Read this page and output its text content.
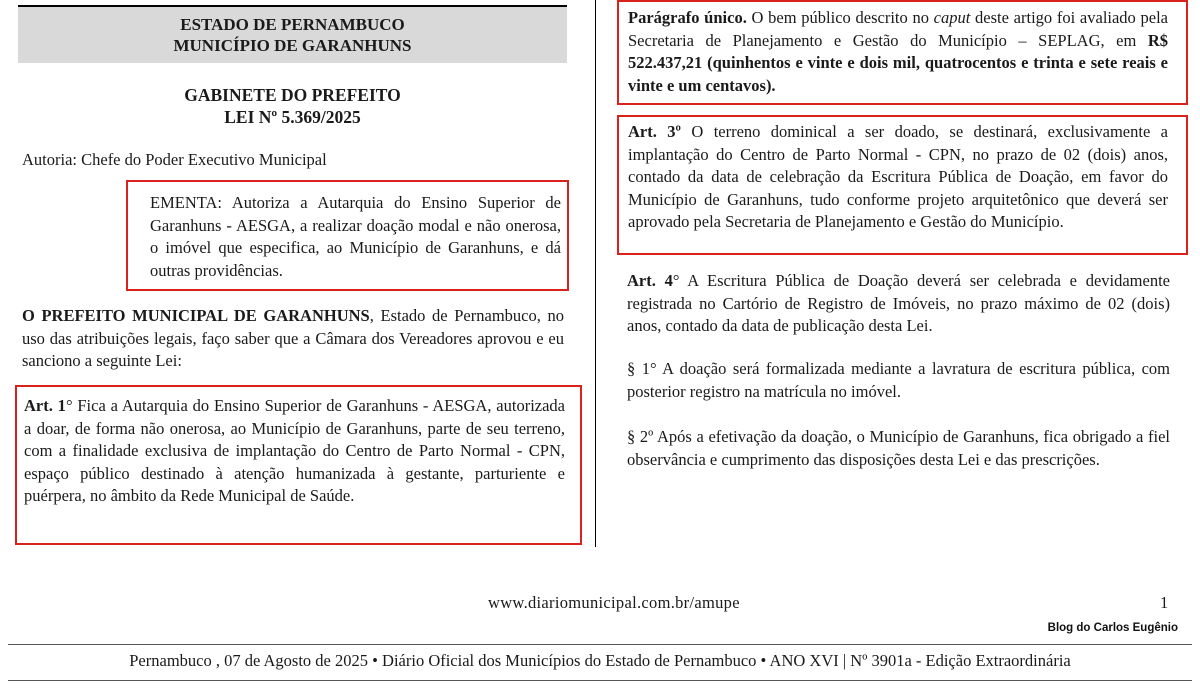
ESTADO DE PERNAMBUCO
MUNICÍPIO DE GARANHUNS
GABINETE DO PREFEITO
LEI Nº 5.369/2025

Autoria: Chefe do Poder Executivo Municipal

EMENTA: Autoriza a Autarquia do Ensino Superior de Garanhuns - AESGA, a realizar doação modal e não onerosa, o imóvel que especifica, ao Município de Garanhuns, e dá outras providências.

O PREFEITO MUNICIPAL DE GARANHUNS, Estado de Pernambuco, no uso das atribuições legais, faço saber que a Câmara dos Vereadores aprovou e eu sanciono a seguinte Lei:

Art. 1° Fica a Autarquia do Ensino Superior de Garanhuns - AESGA, autorizada a doar, de forma não onerosa, ao Município de Garanhuns, parte de seu terreno, com a finalidade exclusiva de implantação do Centro de Parto Normal - CPN, espaço público destinado à atenção humanizada à gestante, parturiente e puérpera, no âmbito da Rede Municipal de Saúde.

Parágrafo único. O bem público descrito no caput deste artigo foi avaliado pela Secretaria de Planejamento e Gestão do Município – SEPLAG, em R$ 522.437,21 (quinhentos e vinte e dois mil, quatrocentos e trinta e sete reais e vinte e um centavos).

Art. 3º O terreno dominical a ser doado, se destinará, exclusivamente a implantação do Centro de Parto Normal - CPN, no prazo de 02 (dois) anos, contado da data de celebração da Escritura Pública de Doação, em favor do Município de Garanhuns, tudo conforme projeto arquitetônico que deverá ser aprovado pela Secretaria de Planejamento e Gestão do Município.

Art. 4° A Escritura Pública de Doação deverá ser celebrada e devidamente registrada no Cartório de Registro de Imóveis, no prazo máximo de 02 (dois) anos, contado da data de publicação desta Lei.

§ 1° A doação será formalizada mediante a lavratura de escritura pública, com posterior registro na matrícula no imóvel.

§ 2º Após a efetivação da doação, o Município de Garanhuns, fica obrigado a fiel observância e cumprimento das disposições desta Lei e das prescrições.

www.diariomunicipal.com.br/amupe	1
Blog do Carlos Eugênio
Pernambuco , 07 de Agosto de 2025 • Diário Oficial dos Municípios do Estado de Pernambuco • ANO XVI | Nº 3901a - Edição Extraordinária
